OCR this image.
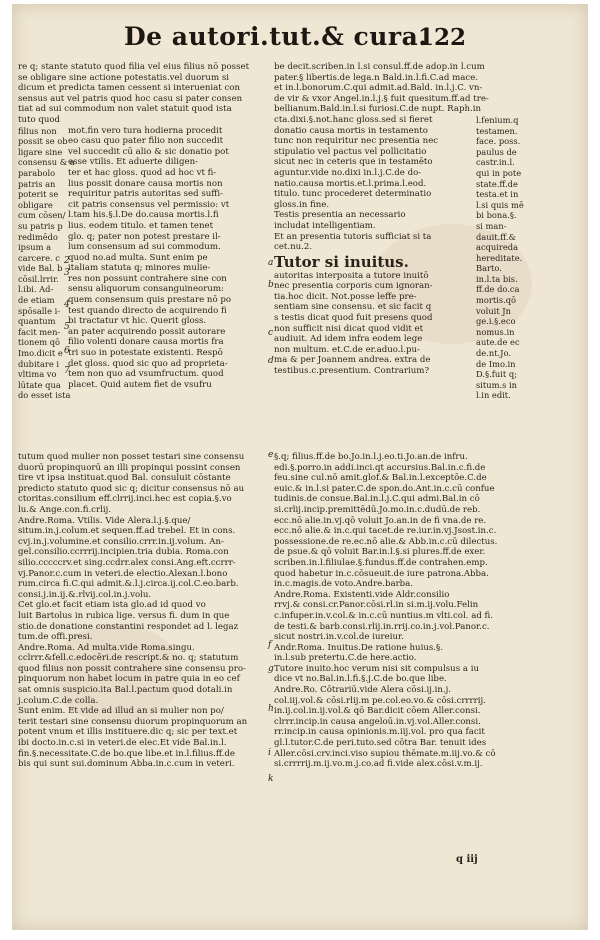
De autori.tut.& cura.
122

re q; stante statuto quod filia vel eius filius nō posset

se obligare sine actione potestatis.vel duorum si

dicum et predicta tamen cessent si interueniat con

sensus aut vel patris quod hoc casu si pater consen

tiat ad sui commodum non valet statuit quod ista

tuto quod

filius non

possit se ob

ligare sine

consensu & a

parabolo

patris an

poterit se

obligare

cum cōsen/

su patris p

redimēdo

ipsum a

carcere. c

vide Bal. b

cōsil.lrrir.

l.ibi. Ad-

de etiam

spōsalle i-

quantum

facit men-

tionem qō

Imo.dicit e

dubitare i

vltima vo

lūtate qua

do esset ista

mot.fin vero tura hodierna procedit

eo casu quo pater filio non succedit

vel succedit cū alio & sic donatio pot

esse vtilis. Et aduerte diligen-

ter et hac gloss. quod ad hoc vt fi-

lius possit donare causa mortis non

requiritur patris autoritas sed suffi-

cit patris consensus vel permissio: vt

l.tam his.§.l.De do.causa mortis.l.fi

lius. eodem titulo. et tamen tenet

glo. q; pater non potest prestare il-

lum consensum ad sui commodum.

quod no.ad multa. Sunt enim pe

italiam statuta q; minores mulie-

res non possunt contrahere sine con

sensu aliquorum consanguineorum:

quem consensum quis prestare nō po

test quando directo de acquirendo fi

bi tractatur vt hic. Querit gloss.

an pater acquirendo possit autorare

filio volenti donare causa mortis fra

tri suo in potestate existenti. Respō

det gloss. quod sic quo ad proprieta-

tem non quo ad vsumfructum. quod

placet. Quid autem fiet de vsufru

be decit.scriben.in l.si consul.ff.de adop.in l.cum

pater.§ libertis.de lega.n Bald.in.l.fi.C.ad mace.

et in.l.bonorum.C.qui admit.ad.Bald. in.l.j.C. vn-

de vir & vxor Angel.in.l.j.§ fuit quesitum.ff.ad tre-

bellianum.Bald.in.l.si furiosi.C.de nupt. Raph.in

cta.dixi.§.not.hanc gloss.sed si fieret

donatio causa mortis in testamento

tunc non requiritur nec presentia nec

stipulatio vel pactus vel pollicitatio

sicut nec in ceteris que in testamēto

aguntur.vide no.dixi in.l.j.C.de do-

natio.causa mortis.et.l.prima.l.eod.

titulo. tunc procederet determinatio

gloss.in fine.

Testis presentia an necessario

includat intelligentiam.

Et an presentia tutoris sufficiat si ta

cet.nu.2.

Tutor si inuitus.

autoritas interposita a tutore inuitō

nec presentia corporis cum ignoran-

tia.hoc dicit. Not.posse leffe pre-

sentiam sine consensu. et sic facit q

s testis dicat quod fuit presens quod

non sufficit nisi dicat quod vidit et

audiuit. Ad idem infra eodem lege

non multum. et.C.de er.aduo.l.pu-

ma & per Joannem andrea. extra de

testibus.c.presentium. Contrarium?

l.fenium.q

testamen.

face. poss.

paulus de

castr.in.l.

qui in pote

state.ff.de

testa.et in

l.si quis mē

bi bona.§.

si man-

dauit.ff.&

acquireda

hereditate.

Barto.

in.l.ta bis.

ff.de do.ca

mortis.qō

voluit Jn

ge.i.§.eco

nomus.in

aute.de ec

de.nt.Jo.

de Imo.in

D.§.fuit q;

situm.s in

l.in edit.

a
b
c
d
e
f
g
h
i
k
2
3
4
5
6
7

tutum quod mulier non posset testari sine consensu

duorū propinquorū an illi propinqui possint consen

tire vt ipsa instituat.quod Bal. consuluit cōstante

predicto statuto quod sic q; dicitur consensus nō au

ctoritas.consilium eff.clrrij.inci.hec est copia.§.vo

lu.& Ange.con.fi.crlij.

Andre.Roma. Vtilis. Vide Alera.l.j.§.que/

situm.in.j.colum.et sequen.ff.ad trebel. Et in cons.

cvj.in.j.volumine.et consilio.crrr.in.ij.volum. An-

gel.consilio.ccrrrij.incipien.tria dubia. Roma.con

silio.cccccrv.et sing.ccdrr.alex consi.Ang.eft.ccrrr-

vj.Panor.c.cum in veteri.de electio.Alexan.l.bono

rum.circa fi.C.qui admit.&.l.j.circa.ij.col.C.eo.barb.

consi.j.in.ij.&.rlvij.col.in.j.volu.

Cet glo.et facit etiam ista glo.ad id quod vo

luit Bartolus in rubica lige. versus fi. dum in que

stio.de donatione constantini respondet ad l. legaz

tum.de offi.presi.

Andre.Roma. Ad multa.vide Roma.singu.

cclrrr.&fell.c.edocēri.de rescript.& no. q; statutum

quod filius non possit contrahere sine consensu pro-

pinquorum non habet locum in patre quia in eo cef

sat omnis suspicio.ita Bal.l.pactum quod dotali.in

j.colum.C.de colla.

Sunt enim. Et vide ad illud an si mulier non po/

terit testari sine consensu duorum propinquorum an

potent vnum et illis instituere.dic q; sic per text.et

ibi docto.in.c.si in veteri.de elec.Et vide Bal.in.l.

fin.§.necessitate.C.de bo.que libe.et in.l.filius.ff.de

bis qui sunt sui.dominum Abba.in.c.cum in veteri.

§.q; filius.ff.de bo.Jo.in.l.j.eo.ti.Jo.an.de infru.

edi.§.porro.in addi.inci.qt accursius.Bal.in.c.fi.de

feu.sine cul.nō amit.glof.& Bal.in.l.exceptōe.C.de

euic.& in.l.si pater.C.de spon.do.Ant.in.c.cū confue

tudinis.de consue.Bal.in.l.j.C.qui admi.Bal.in cō

si.crlij.incip.premittēdū.Jo.mo.in.c.dudū.de reb.

ecc.nō alie.in.vj.qō voluit Jo.an.in de fi vna.de re.

ecc.nō alie.& in.c.qui tacet.de re.iur.in.vj.Jsost.in.c.

possessione.de re.ec.nō alie.& Abb.in.c.cū dilectus.

de psue.& qō voluit Bar.in.l.§.si plures.ff.de exer.

scriben.in.l.filiulae.§.fundus.ff.de contrahen.emp.

quod habetur in.c.cōsueuit.de iure patrona.Abba.

in.c.magis.de voto.Andre.barba.

Andre.Roma. Existenti.vide Aldr.consilio

rrvj.& consi.cr.Panor.cōsi.rl.in si.m.ij.volu.Felin

c.infuper.in.v.col.& in.c.cū nuntius.m vlti.col. ad fi.

de testi.& barb.consi.rlij.in.rrij.co.in.j.vol.Panor.c.

sicut nostri.in.v.col.de iureiur.

Andr.Roma. Inuitus.De ratione huius.§.

in.l.sub pretertu.C.de here.actio.

Tutore inuito.hoc verum nisi sit compulsus a iu

dice vt no.Bal.in.l.fi.§.j.C.de bo.que libe.

Andre.Ro. Cōtrariū.vide Alera cōsi.ij.in.j.

col.iij.vol.& cōsi.rlij.m pe.col.eo.vo.& cōsi.crrrrij.

in.ij.col.in.ij.vol.& qō Bar.dicit cōem Aller.consi.

clrrr.incip.in causa angeloū.in.vj.vol.Aller.consi.

rr.incip.in causa opinionis.m.iij.vol. pro qua facit

gl.l.tutor.C.de peri.tuto.sed cōtra Bar. tenuit ides

Aller.cōsi.crv.inci.viso supiou thēmate.m.iij.vo.& cō

si.crrrrij.m.ij.vo.m.j.co.ad fi.vide alex.cōsi.v.m.ij.

q iij
